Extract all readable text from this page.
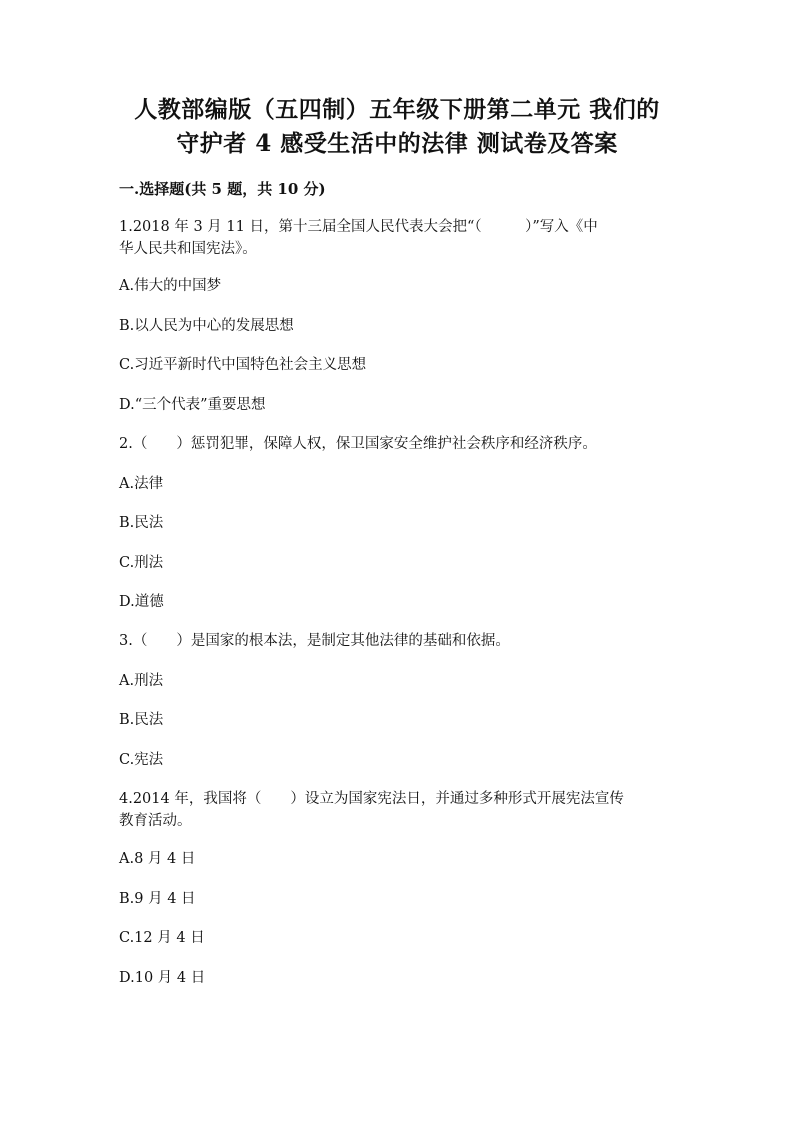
人教部编版（五四制）五年级下册第二单元 我们的
守护者 4 感受生活中的法律 测试卷及答案
一.选择题(共 5 题，共 10 分)
1.2018 年 3 月 11 日，第十三届全国人民代表大会把“（　　　）”写入《中
华人民共和国宪法》。
A.伟大的中国梦
B.以人民为中心的发展思想
C.习近平新时代中国特色社会主义思想
D.“三个代表”重要思想
2.（　　）惩罚犯罪，保障人权，保卫国家安全维护社会秩序和经济秩序。
A.法律
B.民法
C.刑法
D.道德
3.（　　）是国家的根本法，是制定其他法律的基础和依据。
A.刑法
B.民法
C.宪法
4.2014 年，我国将（　　）设立为国家宪法日，并通过多种形式开展宪法宣传
教育活动。
A.8 月 4 日
B.9 月 4 日
C.12 月 4 日
D.10 月 4 日
